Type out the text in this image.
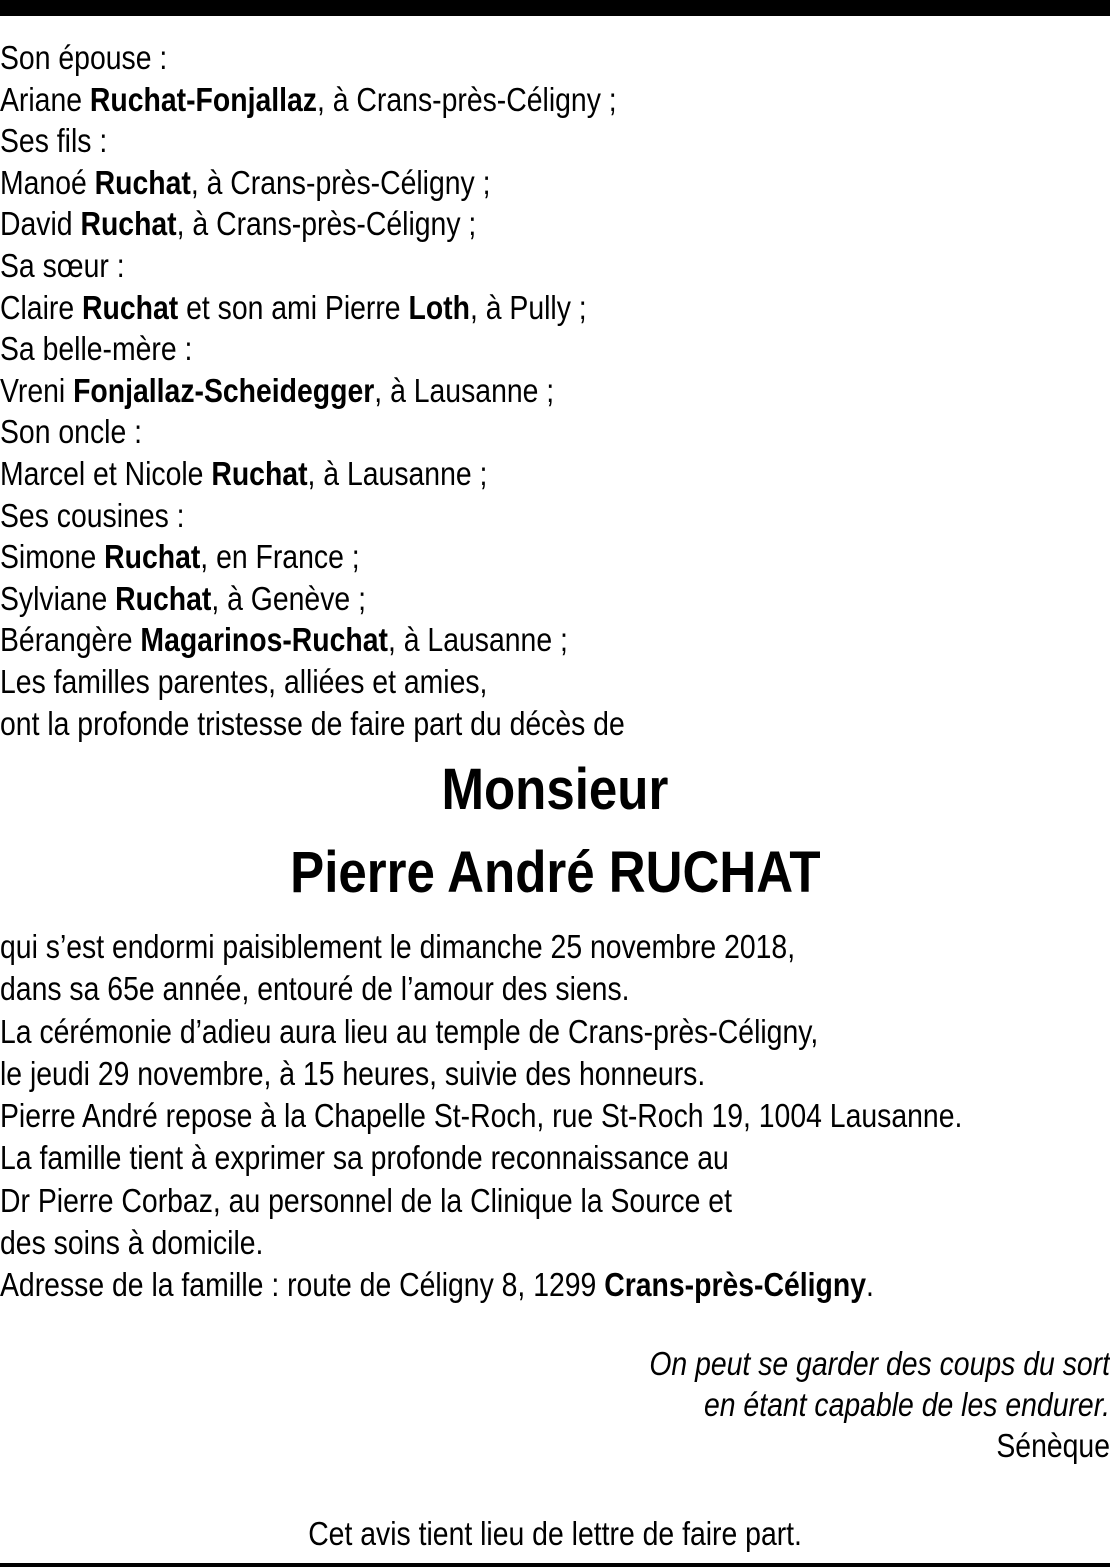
Son épouse :
Ariane Ruchat-Fonjallaz, à Crans-près-Céligny ;
Ses fils :
Manoé Ruchat, à Crans-près-Céligny ;
David Ruchat, à Crans-près-Céligny ;
Sa sœur :
Claire Ruchat et son ami Pierre Loth, à Pully ;
Sa belle-mère :
Vreni Fonjallaz-Scheidegger, à Lausanne ;
Son oncle :
Marcel et Nicole Ruchat, à Lausanne ;
Ses cousines :
Simone Ruchat, en France ;
Sylviane Ruchat, à Genève ;
Bérangère Magarinos-Ruchat, à Lausanne ;
Les familles parentes, alliées et amies,
ont la profonde tristesse de faire part du décès de
Monsieur
Pierre André RUCHAT
qui s’est endormi paisiblement le dimanche 25 novembre 2018,
dans sa 65e année, entouré de l’amour des siens.
La cérémonie d’adieu aura lieu au temple de Crans-près-Céligny,
le jeudi 29 novembre, à 15 heures, suivie des honneurs.
Pierre André repose à la Chapelle St-Roch, rue St-Roch 19, 1004 Lausanne.
La famille tient à exprimer sa profonde reconnaissance au
Dr Pierre Corbaz, au personnel de la Clinique la Source et
des soins à domicile.
Adresse de la famille : route de Céligny 8, 1299 Crans-près-Céligny.
On peut se garder des coups du sort
en étant capable de les endurer.
Sénèque
Cet avis tient lieu de lettre de faire part.
